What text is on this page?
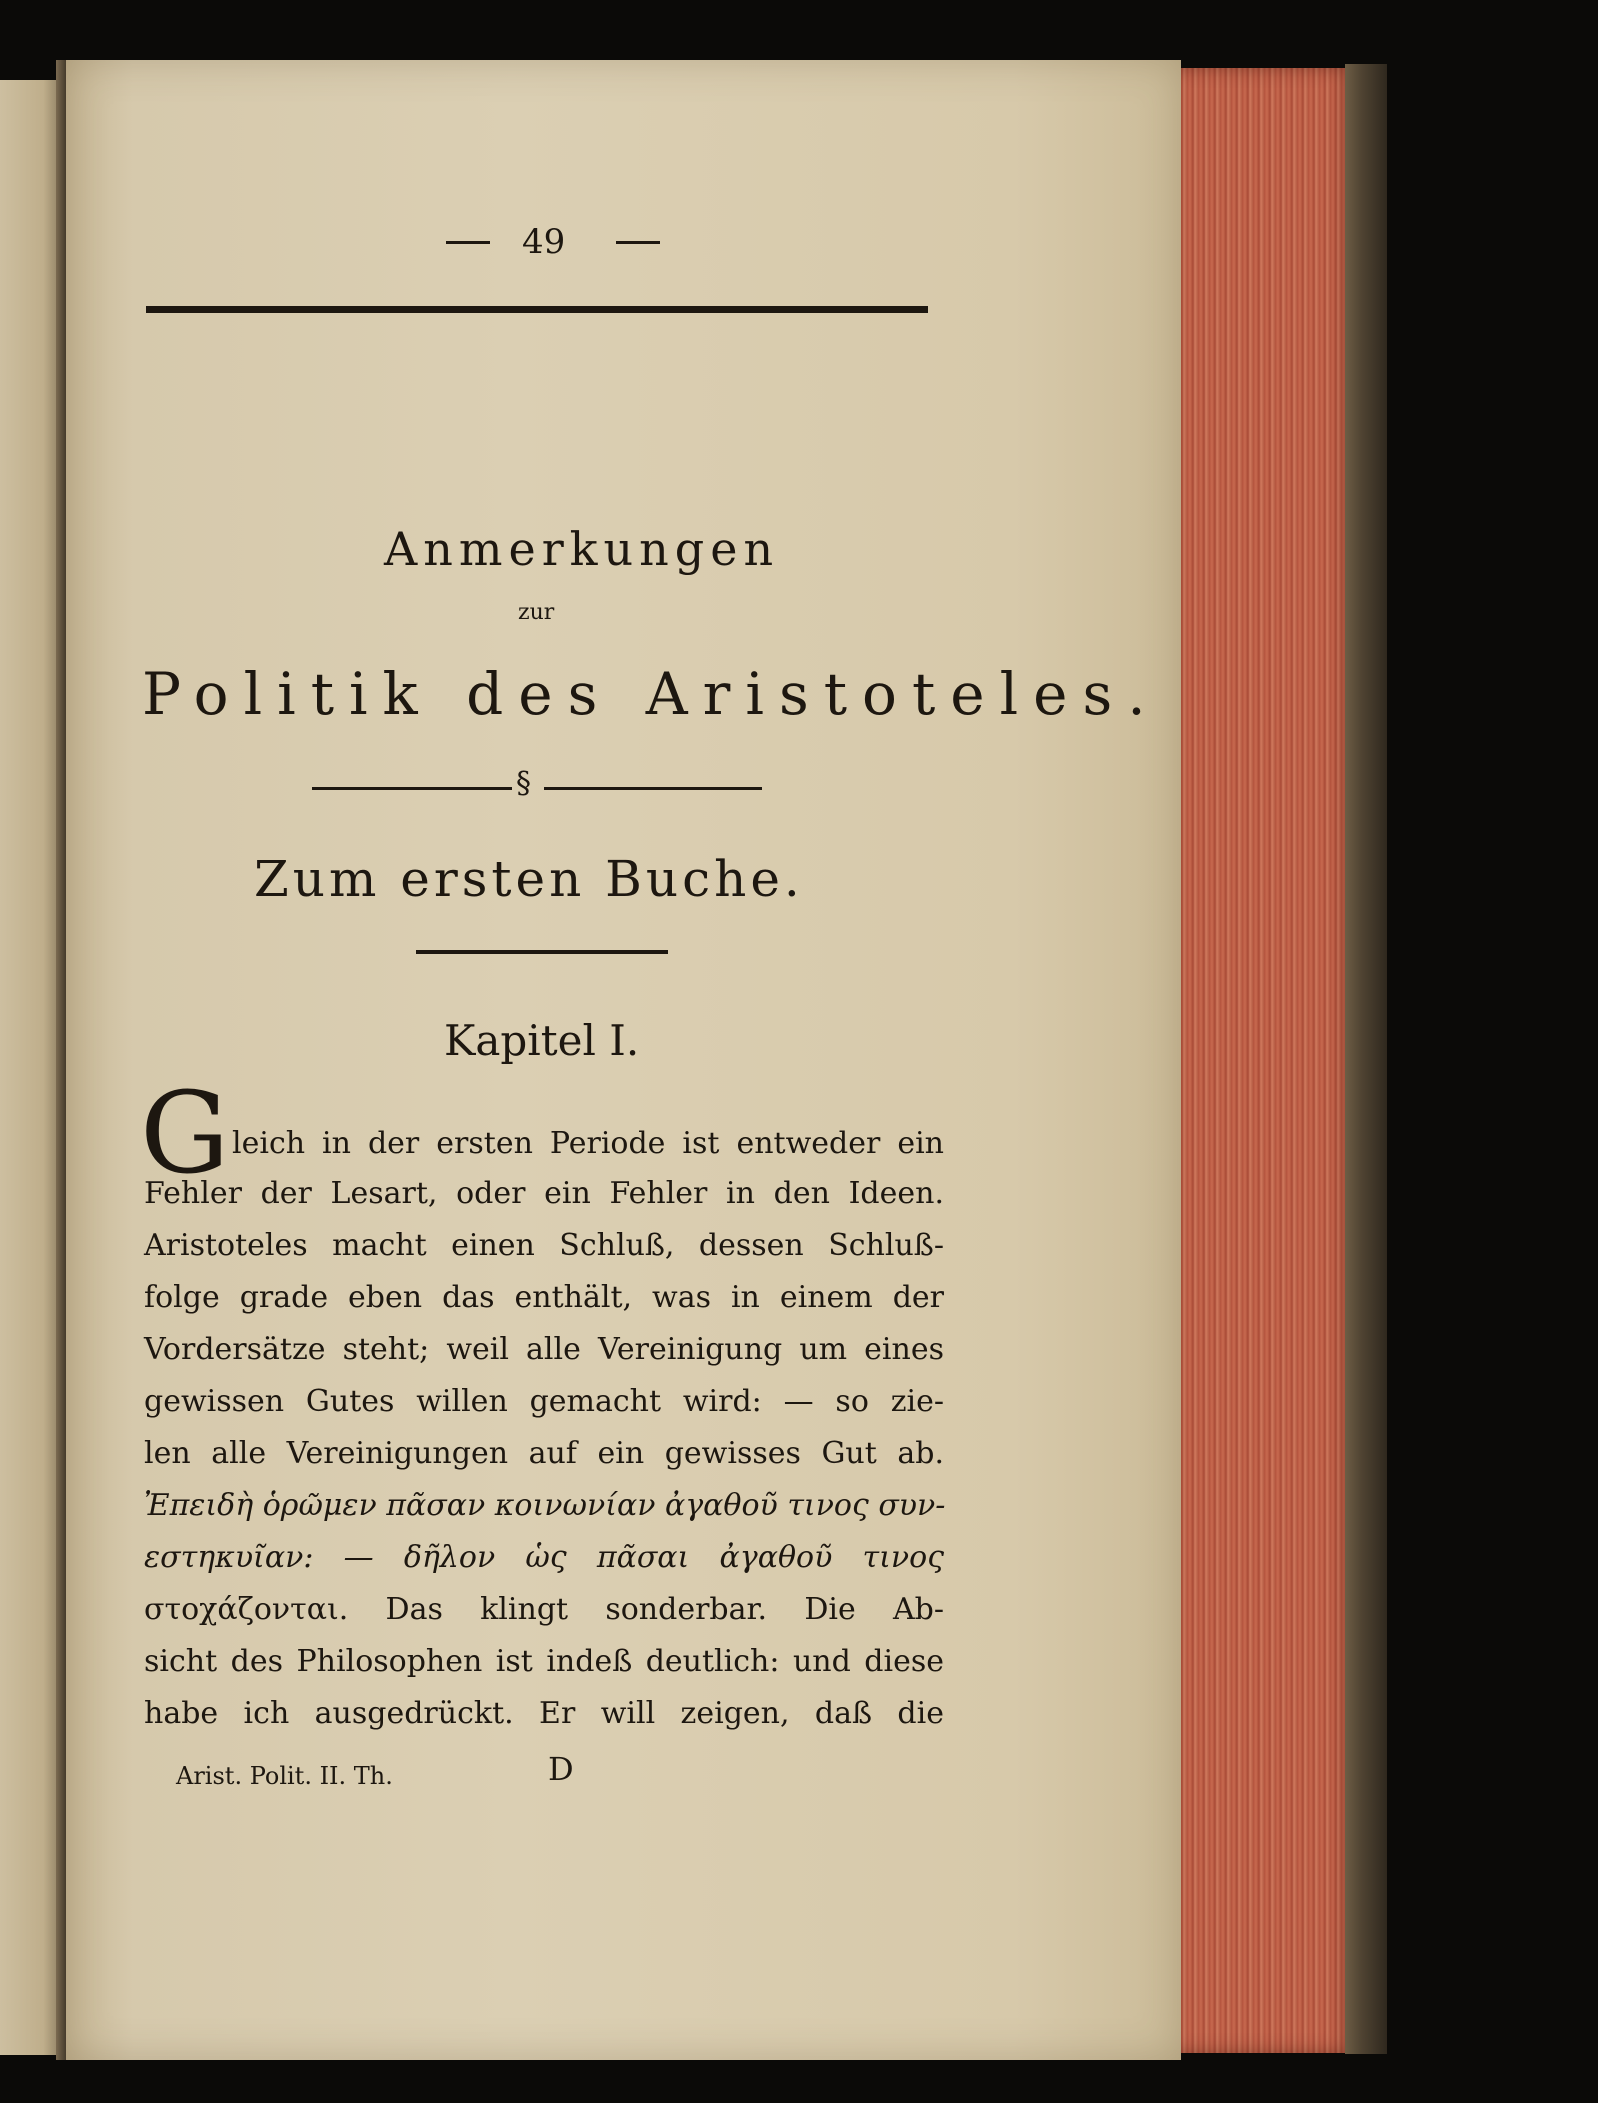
49
Anmerkungen
zur
Politik des Aristoteles.
§
Zum ersten Buche.
Kapitel I.
G leich in der ersten Periode ist entweder ein
Fehler der Lesart, oder ein Fehler in den Ideen.
Aristoteles macht einen Schluß, dessen Schluß-
folge grade eben das enthält, was in einem der
Vordersätze steht; weil alle Vereinigung um eines
gewissen Gutes willen gemacht wird: — so zie-
len alle Vereinigungen auf ein gewisses Gut ab.
Ἐπειδὴ ὁρῶμεν πᾶσαν κοινωνίαν ἀγαθοῦ τινος συν-
εστηκυῖαν: — δῆλον ὡς πᾶσαι ἀγαθοῦ τινος
στοχάζονται. Das klingt sonderbar. Die Ab-
sicht des Philosophen ist indeß deutlich: und diese
habe ich ausgedrückt. Er will zeigen, daß die
Arist. Polit. II. Th.	D
